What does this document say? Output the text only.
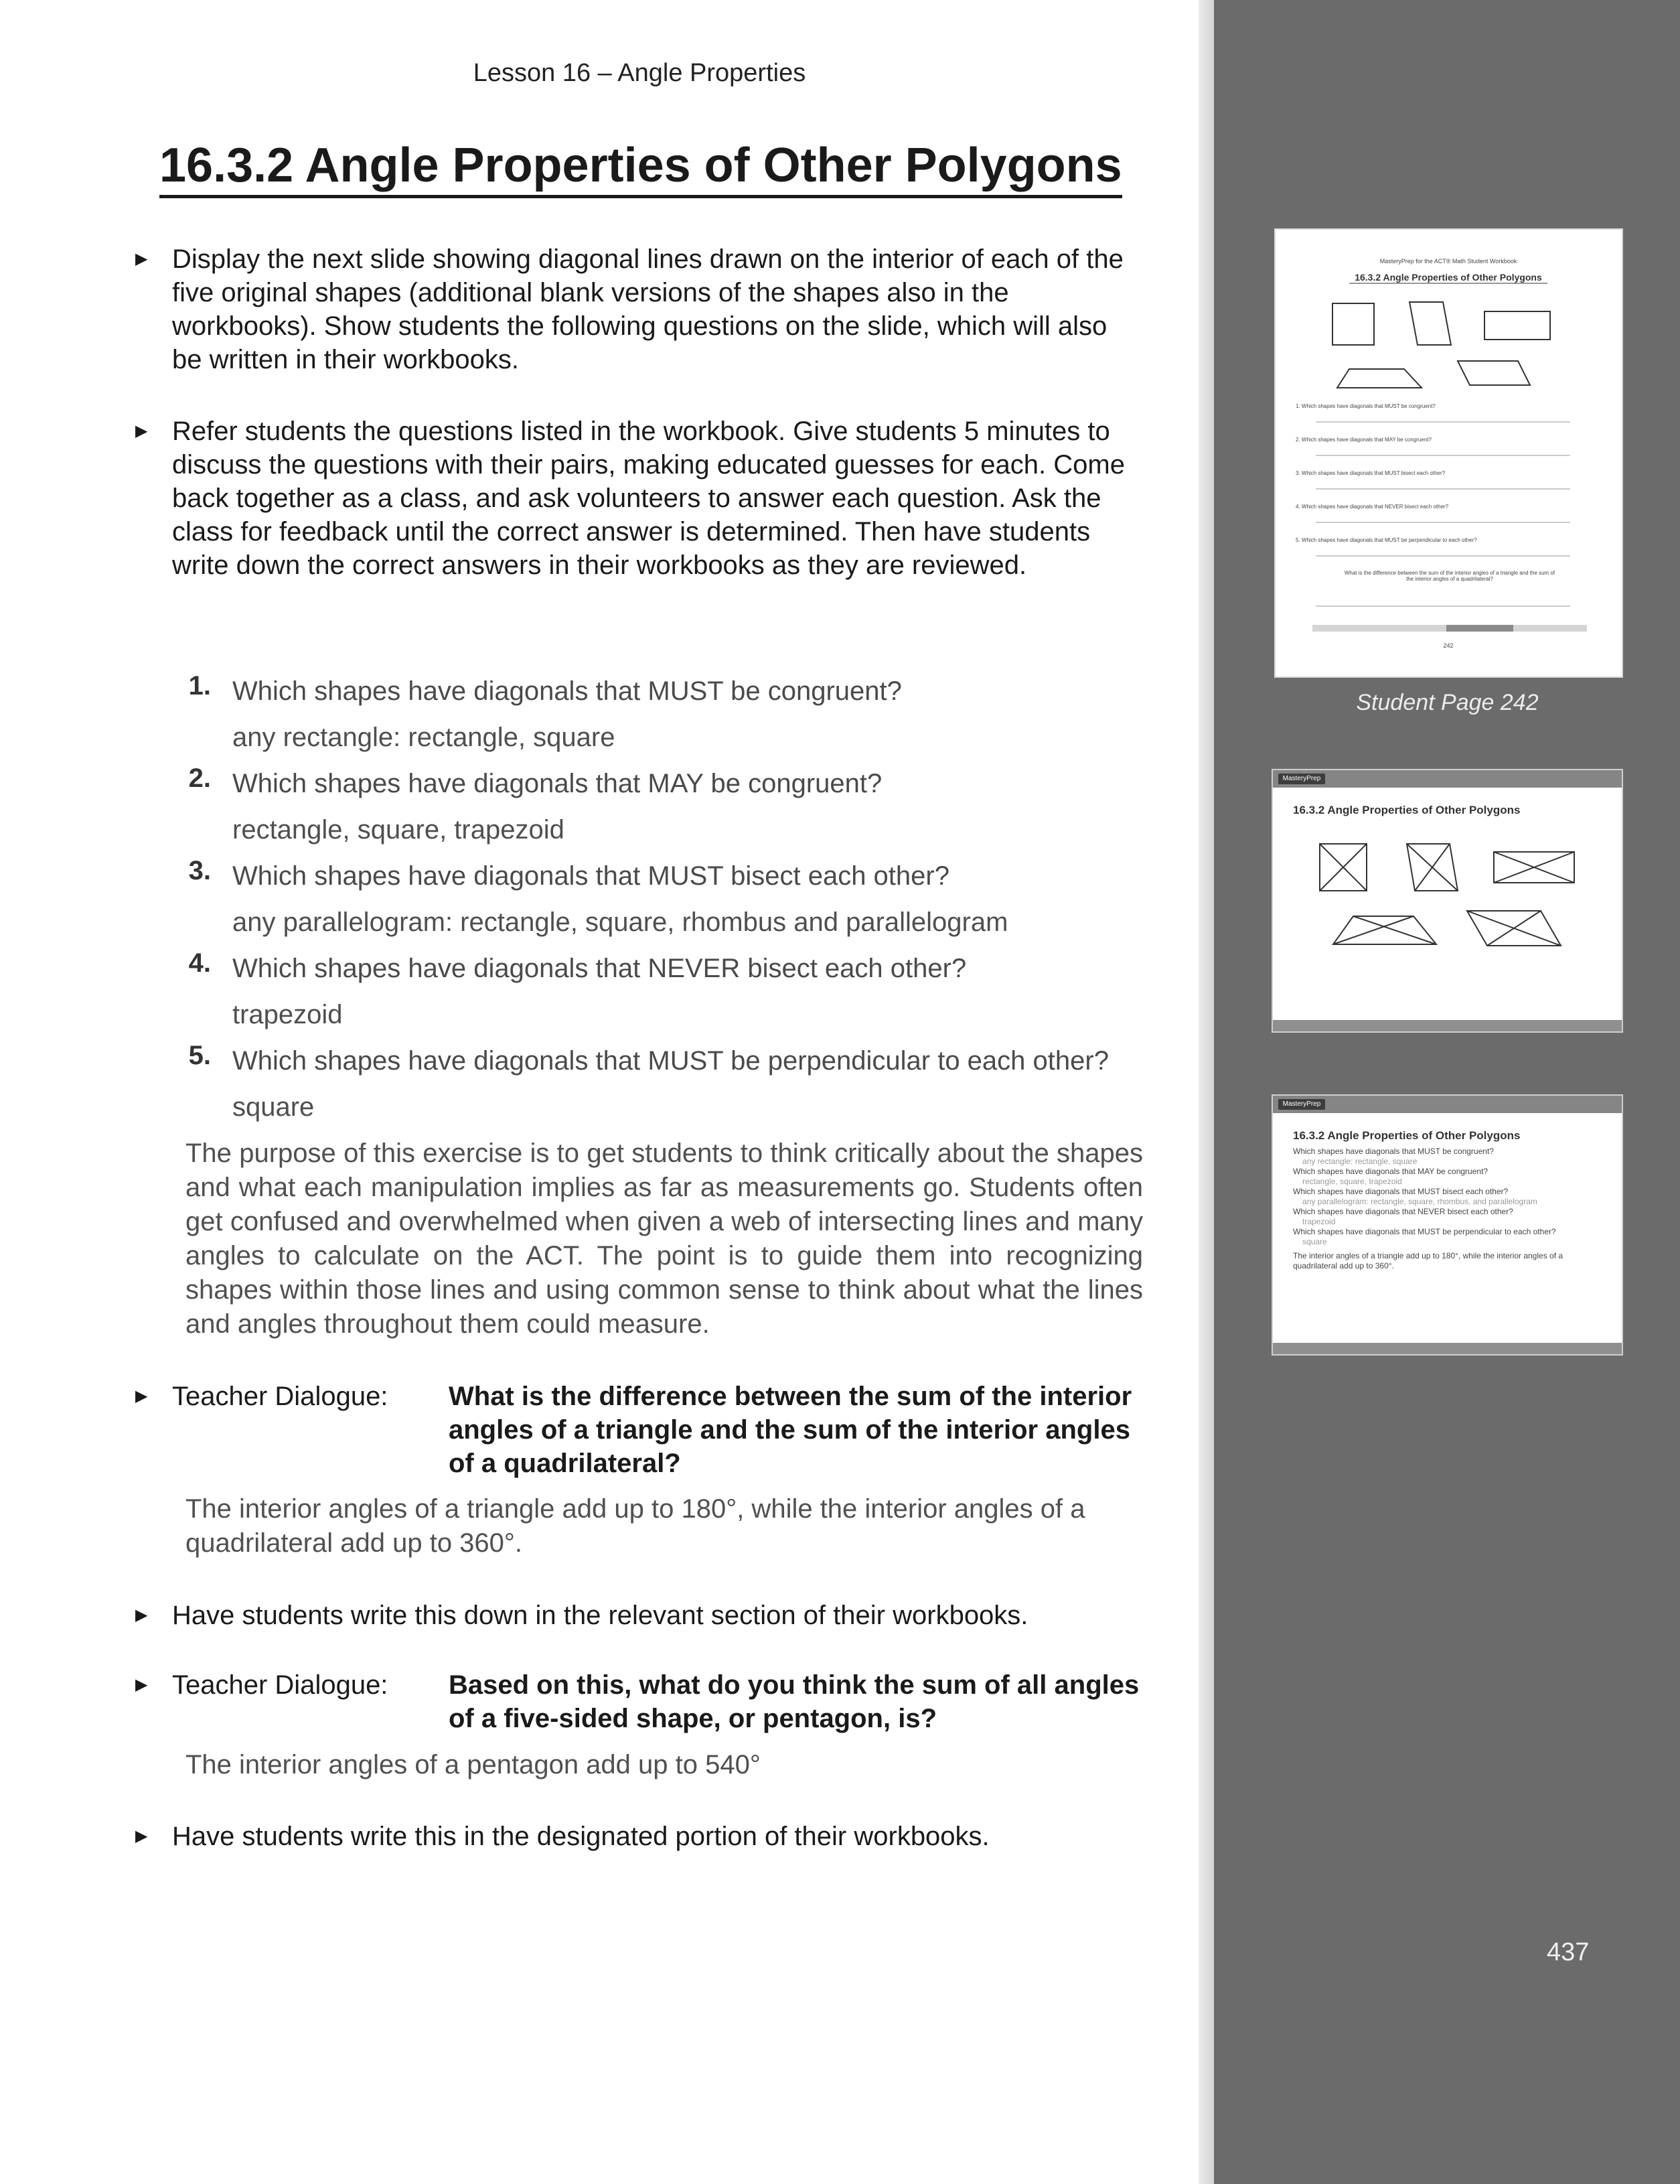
Lesson 16 – Angle Properties
16.3.2 Angle Properties of Other Polygons
▶ Display the next slide showing diagonal lines drawn on the interior of each of the five original shapes (additional blank versions of the shapes also in the workbooks). Show students the following questions on the slide, which will also be written in their workbooks.
▶ Refer students the questions listed in the workbook. Give students 5 minutes to discuss the questions with their pairs, making educated guesses for each. Come back together as a class, and ask volunteers to answer each question. Ask the class for feedback until the correct answer is determined. Then have students write down the correct answers in their workbooks as they are reviewed.
1. Which shapes have diagonals that MUST be congruent?
any rectangle: rectangle, square
2. Which shapes have diagonals that MAY be congruent?
rectangle, square, trapezoid
3. Which shapes have diagonals that MUST bisect each other?
any parallelogram: rectangle, square, rhombus and parallelogram
4. Which shapes have diagonals that NEVER bisect each other?
trapezoid
5. Which shapes have diagonals that MUST be perpendicular to each other?
square
The purpose of this exercise is to get students to think critically about the shapes and what each manipulation implies as far as measurements go. Students often get confused and overwhelmed when given a web of intersecting lines and many angles to calculate on the ACT. The point is to guide them into recognizing shapes within those lines and using common sense to think about what the lines and angles throughout them could measure.
▶ Teacher Dialogue: What is the difference between the sum of the interior angles of a triangle and the sum of the interior angles of a quadrilateral?
The interior angles of a triangle add up to 180°, while the interior angles of a quadrilateral add up to 360°.
▶ Have students write this down in the relevant section of their workbooks.
▶ Teacher Dialogue: Based on this, what do you think the sum of all angles of a five-sided shape, or pentagon, is?
The interior angles of a pentagon add up to 540°
▶ Have students write this in the designated portion of their workbooks.
MasteryPrep for the ACT® Math Student Workbook
16.3.2 Angle Properties of Other Polygons
1. Which shapes have diagonals that MUST be congruent?
2. Which shapes have diagonals that MAY be congruent?
3. Which shapes have diagonals that MUST bisect each other?
4. Which shapes have diagonals that NEVER bisect each other?
5. Which shapes have diagonals that MUST be perpendicular to each other?
What is the difference between the sum of the interior angles of a triangle and the sum of the interior angles of a quadrilateral?
242
Student Page 242
MasteryPrep
16.3.2 Angle Properties of Other Polygons
MasteryPrep
16.3.2 Angle Properties of Other Polygons
Which shapes have diagonals that MUST be congruent?
any rectangle: rectangle, square
Which shapes have diagonals that MAY be congruent?
rectangle, square, trapezoid
Which shapes have diagonals that MUST bisect each other?
any parallelogram: rectangle, square, rhombus, and parallelogram
Which shapes have diagonals that NEVER bisect each other?
trapezoid
Which shapes have diagonals that MUST be perpendicular to each other?
square
The interior angles of a triangle add up to 180°, while the interior angles of a quadrilateral add up to 360°.
437
